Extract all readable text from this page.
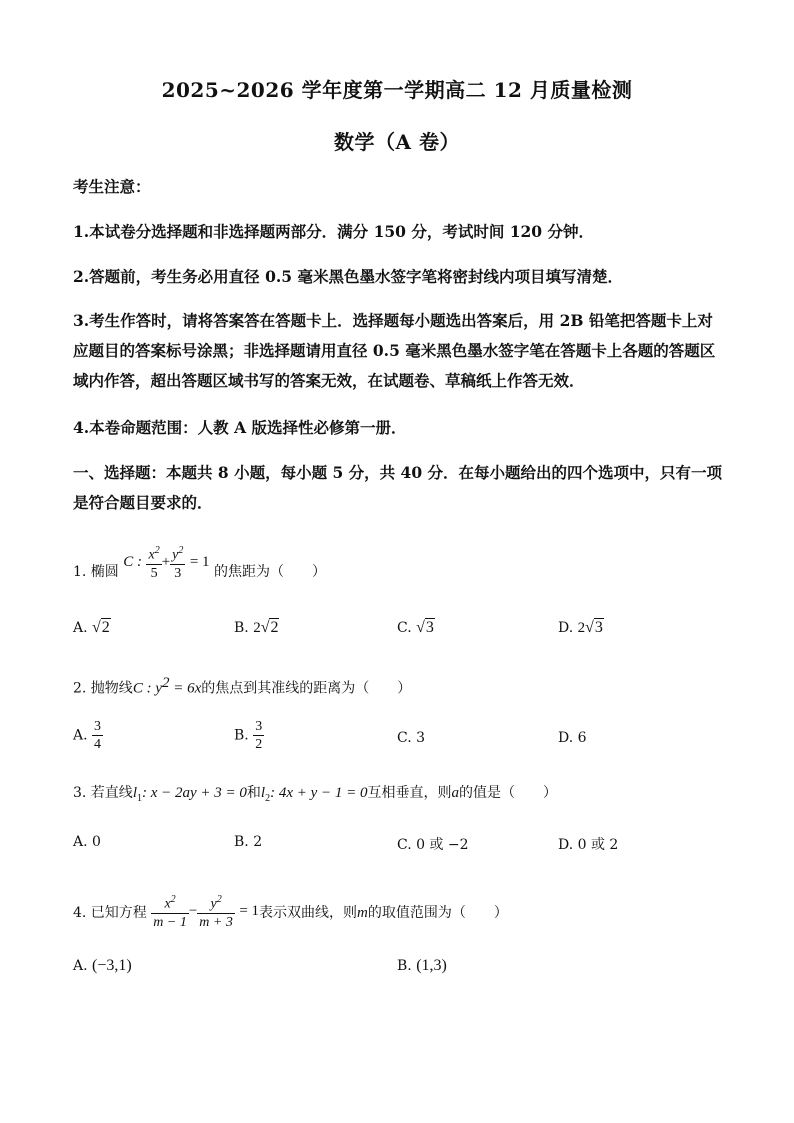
2025~2026 学年度第一学期高二 12 月质量检测
数学（A 卷）
考生注意：
1.本试卷分选择题和非选择题两部分．满分 150 分，考试时间 120 分钟．
2.答题前，考生务必用直径 0.5 毫米黑色墨水签字笔将密封线内项目填写清楚．
3.考生作答时，请将答案答在答题卡上．选择题每小题选出答案后，用 2B 铅笔把答题卡上对应题目的答案标号涂黑；非选择题请用直径 0.5 毫米黑色墨水签字笔在答题卡上各题的答题区域内作答，超出答题区域书写的答案无效，在试题卷、草稿纸上作答无效．
4.本卷命题范围：人教 A 版选择性必修第一册．
一、选择题：本题共 8 小题，每小题 5 分，共 40 分．在每小题给出的四个选项中，只有一项是符合题目要求的．
1. 椭圆 C : $\frac{x^2}{5} + \frac{y^2}{3} = 1$ 的焦距为（　　）
A. √2	B. 2√2	C. √3	D. 2√3
2. 抛物线C : $y^2 = 6x$的焦点到其准线的距离为（　　）
A. $\frac{3}{4}$	B. $\frac{3}{2}$	C. 3	D. 6
3. 若直线$l_1$: x − 2ay + 3 = 0和$l_2$: 4x + y − 1 = 0互相垂直，则a的值是（　　）
A. 0	B. 2	C. 0 或 −2	D. 0 或 2
4. 已知方程 $\frac{x^2}{m - 1} - \frac{y^2}{m + 3} = 1$表示双曲线，则m的取值范围为（　　）
A. (−3,1)	B. (1,3)
